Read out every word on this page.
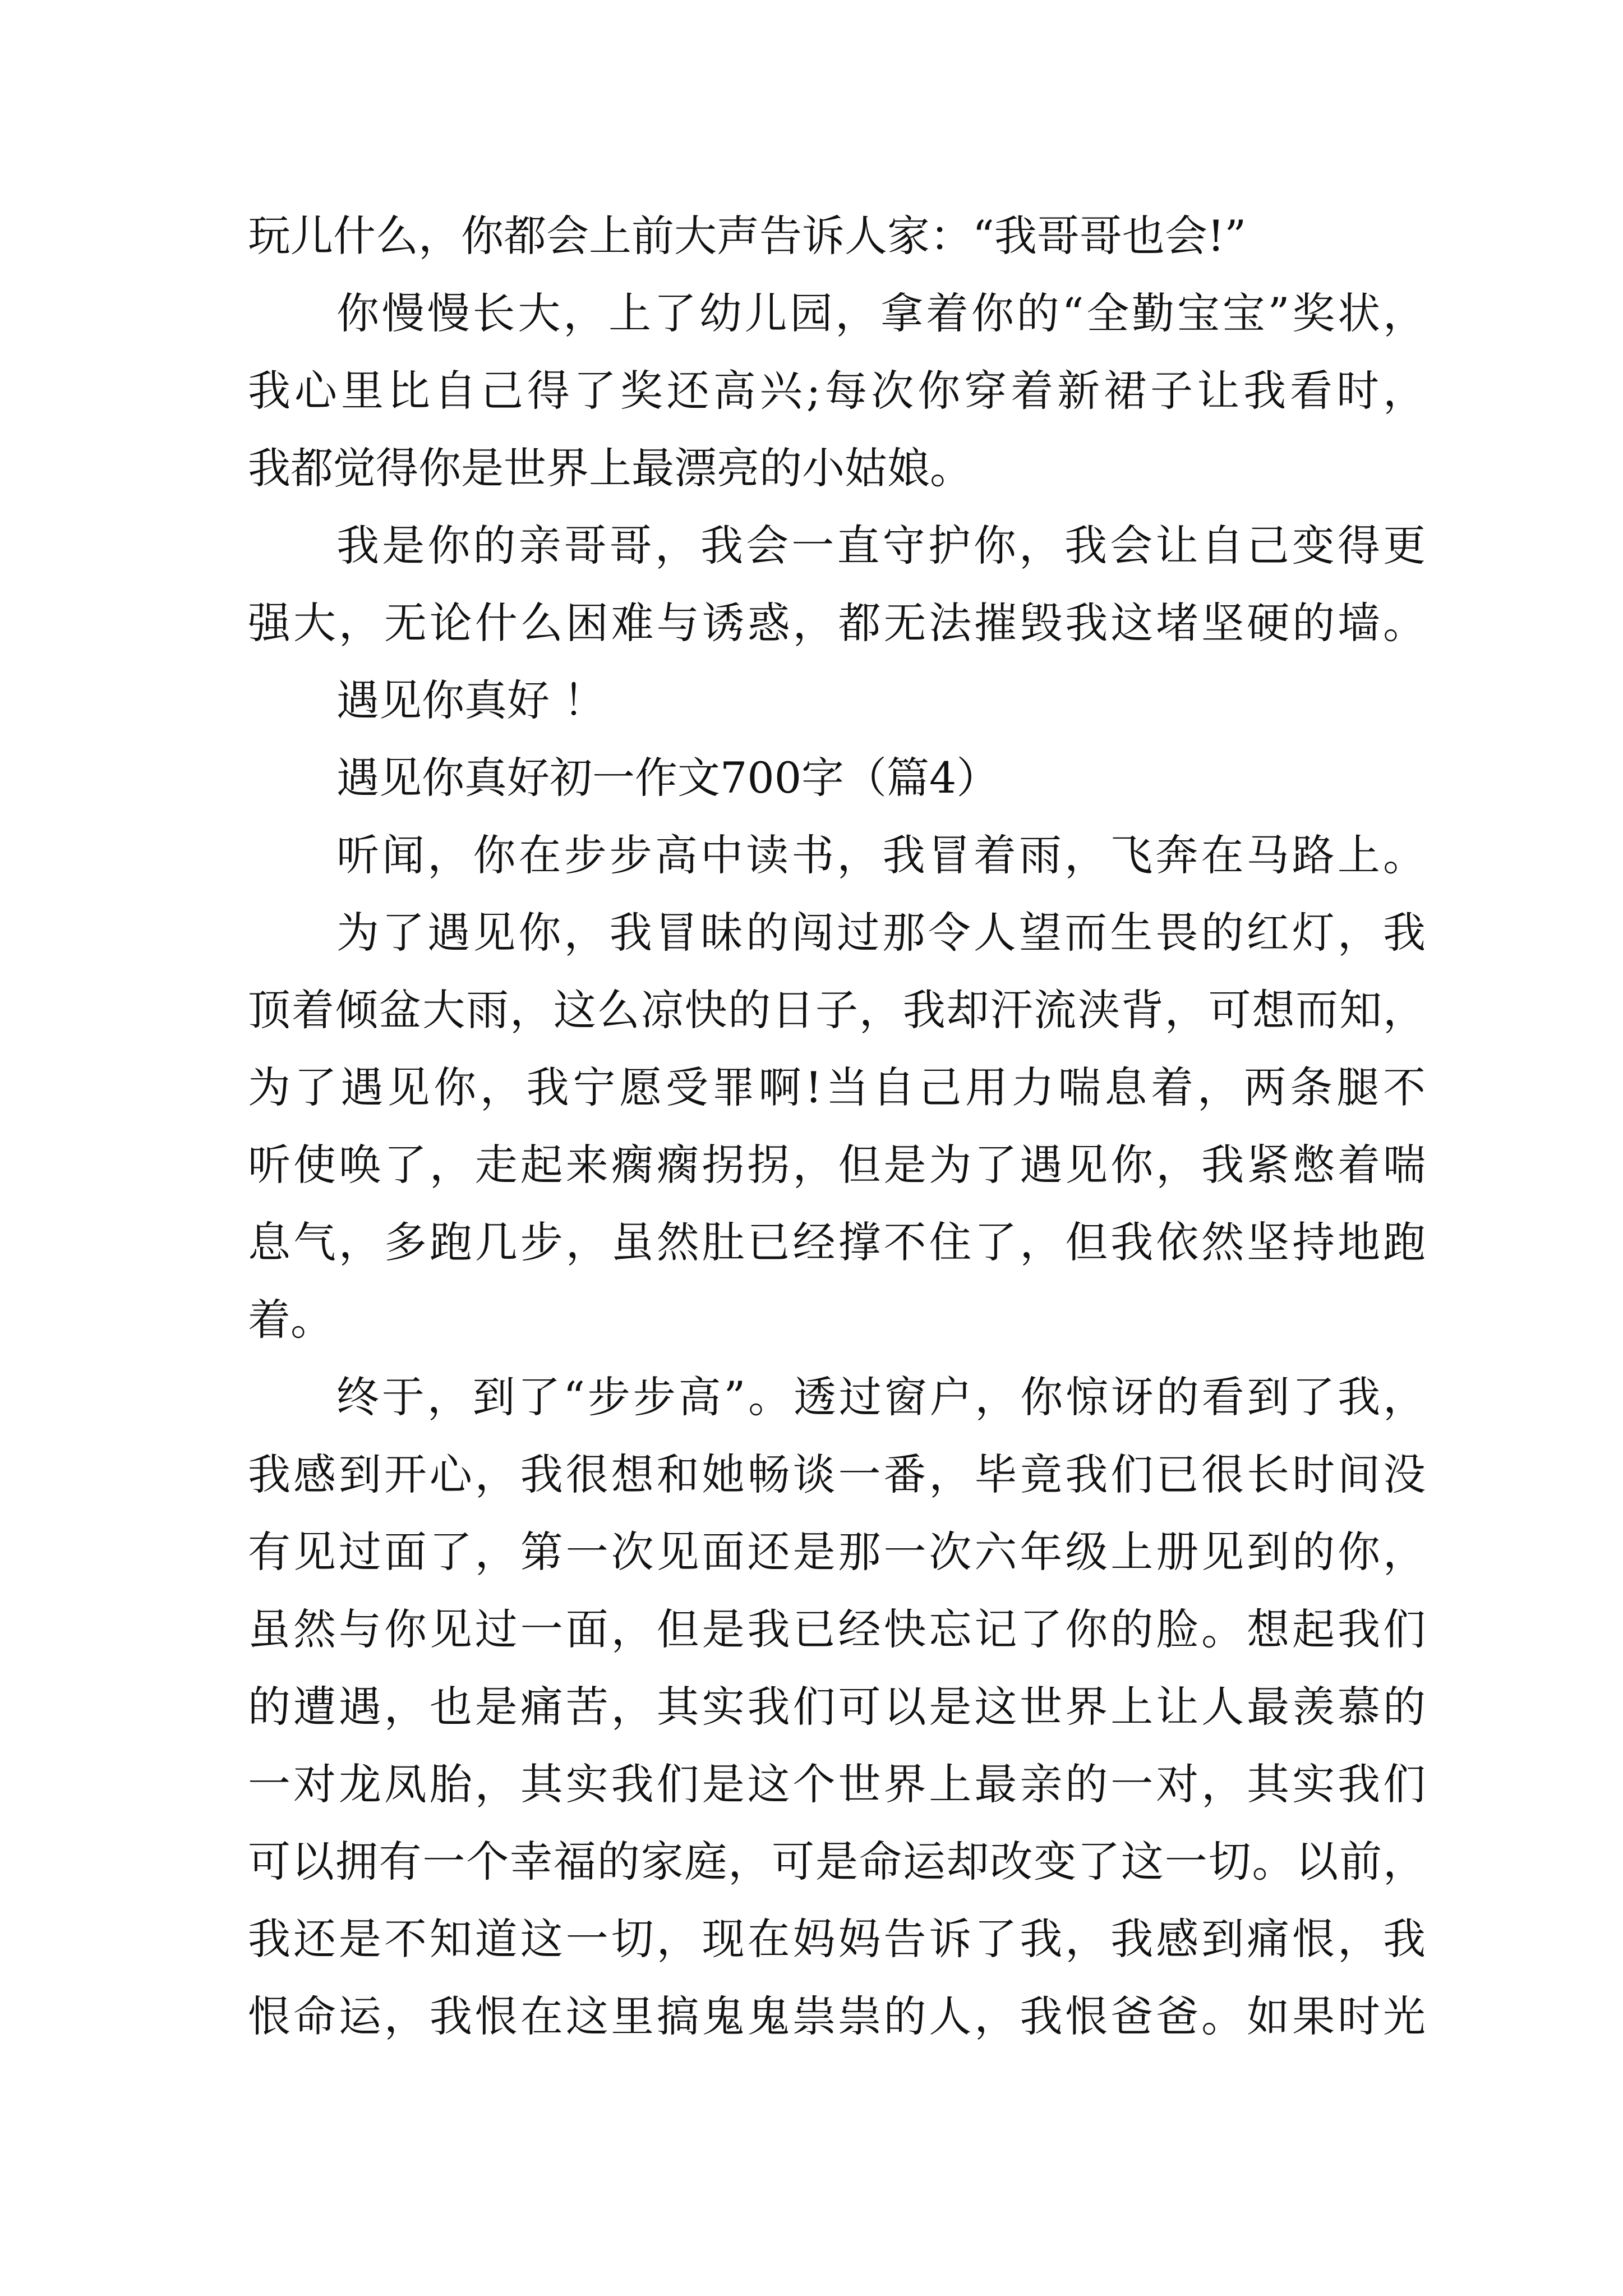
玩儿什么，你都会上前大声告诉人家：“我哥哥也会!”
你慢慢长大，上了幼儿园，拿着你的“全勤宝宝”奖状，
我心里比自己得了奖还高兴;每次你穿着新裙子让我看时，
我都觉得你是世界上最漂亮的小姑娘。
我是你的亲哥哥，我会一直守护你，我会让自己变得更
强大，无论什么困难与诱惑，都无法摧毁我这堵坚硬的墙。
遇见你真好 ！
遇见你真好初一作文700字（篇4）
听闻，你在步步高中读书，我冒着雨，飞奔在马路上。
为了遇见你，我冒昧的闯过那令人望而生畏的红灯，我
顶着倾盆大雨，这么凉快的日子，我却汗流浃背，可想而知，
为了遇见你，我宁愿受罪啊!当自己用力喘息着，两条腿不
听使唤了，走起来瘸瘸拐拐，但是为了遇见你，我紧憋着喘
息气，多跑几步，虽然肚已经撑不住了，但我依然坚持地跑
着。
终于，到了“步步高”。透过窗户，你惊讶的看到了我，
我感到开心，我很想和她畅谈一番，毕竟我们已很长时间没
有见过面了，第一次见面还是那一次六年级上册见到的你，
虽然与你见过一面，但是我已经快忘记了你的脸。想起我们
的遭遇，也是痛苦，其实我们可以是这世界上让人最羡慕的
一对龙凤胎，其实我们是这个世界上最亲的一对，其实我们
可以拥有一个幸福的家庭，可是命运却改变了这一切。以前，
我还是不知道这一切，现在妈妈告诉了我，我感到痛恨，我
恨命运，我恨在这里搞鬼鬼祟祟的人，我恨爸爸。如果时光
